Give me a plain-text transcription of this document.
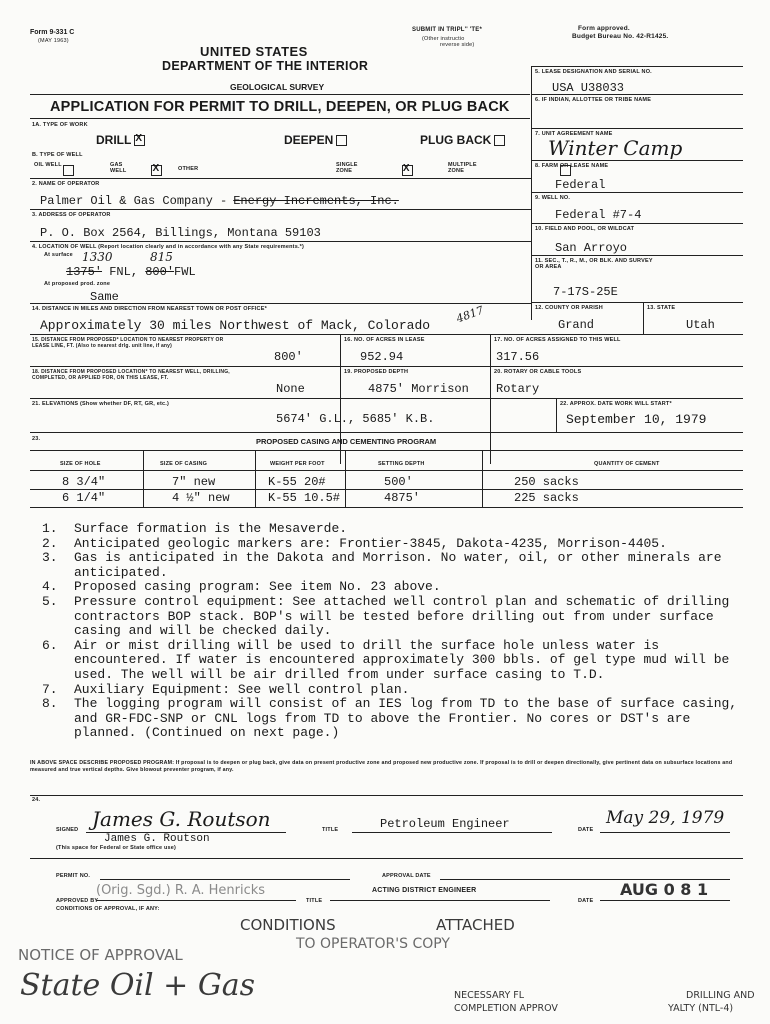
Form 9-331 C
(MAY 1963)
SUBMIT IN TRIPL'' 'TE*
(Other instructio
reverse side)
Form approved.
Budget Bureau No. 42-R1425.
UNITED STATES
DEPARTMENT OF THE INTERIOR
GEOLOGICAL SURVEY
APPLICATION FOR PERMIT TO DRILL, DEEPEN, OR PLUG BACK
5. LEASE DESIGNATION AND SERIAL NO.
USA U38033
6. IF INDIAN, ALLOTTEE OR TRIBE NAME
7. UNIT AGREEMENT NAME
Winter Camp
8. FARM OR LEASE NAME
Federal
9. WELL NO.
Federal #7-4
10. FIELD AND POOL, OR WILDCAT
San Arroyo
11. SEC., T., R., M., OR BLK. AND SURVEY OR AREA
7-17S-25E
12. COUNTY OR PARISH	13. STATE
Grand	Utah
1A. TYPE OF WORK
DRILL X	DEEPEN	PLUG BACK
B. TYPE OF WELL
OIL WELL
	GAS WELL X	OTHER
SINGLE ZONE
X
MULTIPLE ZONE
2. NAME OF OPERATOR
Palmer Oil & Gas Company - Energy Increments, Inc.
3. ADDRESS OF OPERATOR
P. O. Box 2564, Billings, Montana 59103
4. LOCATION OF WELL (Report location clearly and in accordance with any State requirements.*)
At surface 1330	815
1375' FNL, 800'FWL
At proposed prod. zone
Same
14. DISTANCE IN MILES AND DIRECTION FROM NEAREST TOWN OR POST OFFICE*
Approximately 30 miles Northwest of Mack, Colorado
4817
15. DISTANCE FROM PROPOSED* LOCATION TO NEAREST PROPERTY OR LEASE LINE, FT. (Also to nearest drlg. unit line, if any)
800'
16. NO. OF ACRES IN LEASE
952.94
17. NO. OF ACRES ASSIGNED TO THIS WELL
317.56
18. DISTANCE FROM PROPOSED LOCATION* TO NEAREST WELL, DRILLING, COMPLETED, OR APPLIED FOR, ON THIS LEASE, FT.
None
19. PROPOSED DEPTH
4875' Morrison
20. ROTARY OR CABLE TOOLS
Rotary
21. ELEVATIONS (Show whether DF, RT, GR, etc.)
5674' G.L., 5685' K.B.
22. APPROX. DATE WORK WILL START*
September 10, 1979
23.	PROPOSED CASING AND CEMENTING PROGRAM
SIZE OF HOLE	SIZE OF CASING	WEIGHT PER FOOT	SETTING DEPTH	QUANTITY OF CEMENT
8 3/4"	7" new	K-55 20#	500'	250 sacks
6 1/4"	4 ½" new	K-55 10.5#	4875'	225 sacks
1. Surface formation is the Mesaverde.
2. Anticipated geologic markers are: Frontier-3845, Dakota-4235, Morrison-4405.
3. Gas is anticipated in the Dakota and Morrison. No water, oil, or other minerals are anticipated.
4. Proposed casing program: See item No. 23 above.
5. Pressure control equipment: See attached well control plan and schematic of drilling contractors BOP stack. BOP's will be tested before drilling out from under surface casing and will be checked daily.
6. Air or mist drilling will be used to drill the surface hole unless water is encountered. If water is encountered approximately 300 bbls. of gel type mud will be used. The well will be air drilled from under surface casing to T.D.
7. Auxiliary Equipment: See well control plan.
8. The logging program will consist of an IES log from TD to the base of surface casing, and GR-FDC-SNP or CNL logs from TD to above the Frontier. No cores or DST's are planned. (Continued on next page.)
IN ABOVE SPACE DESCRIBE PROPOSED PROGRAM: If proposal is to deepen or plug back, give data on present productive zone and proposed new productive zone. If proposal is to drill or deepen directionally, give pertinent data on subsurface locations and measured and true vertical depths. Give blowout preventer program, if any.
24.
SIGNED James G. Routson
James G. Routson
TITLE	Petroleum Engineer	DATE
May 29, 1979
(This space for Federal or State office use)
PERMIT NO.	APPROVAL DATE
APPROVED BY
(Orig. Sgd.) R. A. Henricks
TITLE
ACTING DISTRICT ENGINEER
DATE
AUG 0 8 1
CONDITIONS OF APPROVAL, IF ANY:
CONDITIONS	ATTACHED
TO OPERATOR'S COPY
NOTICE OF APPROVAL
State Oil + Gas	NECESSARY FL	DRILLING AND
COMPLETION APPROV	YALTY (NTL-4)
